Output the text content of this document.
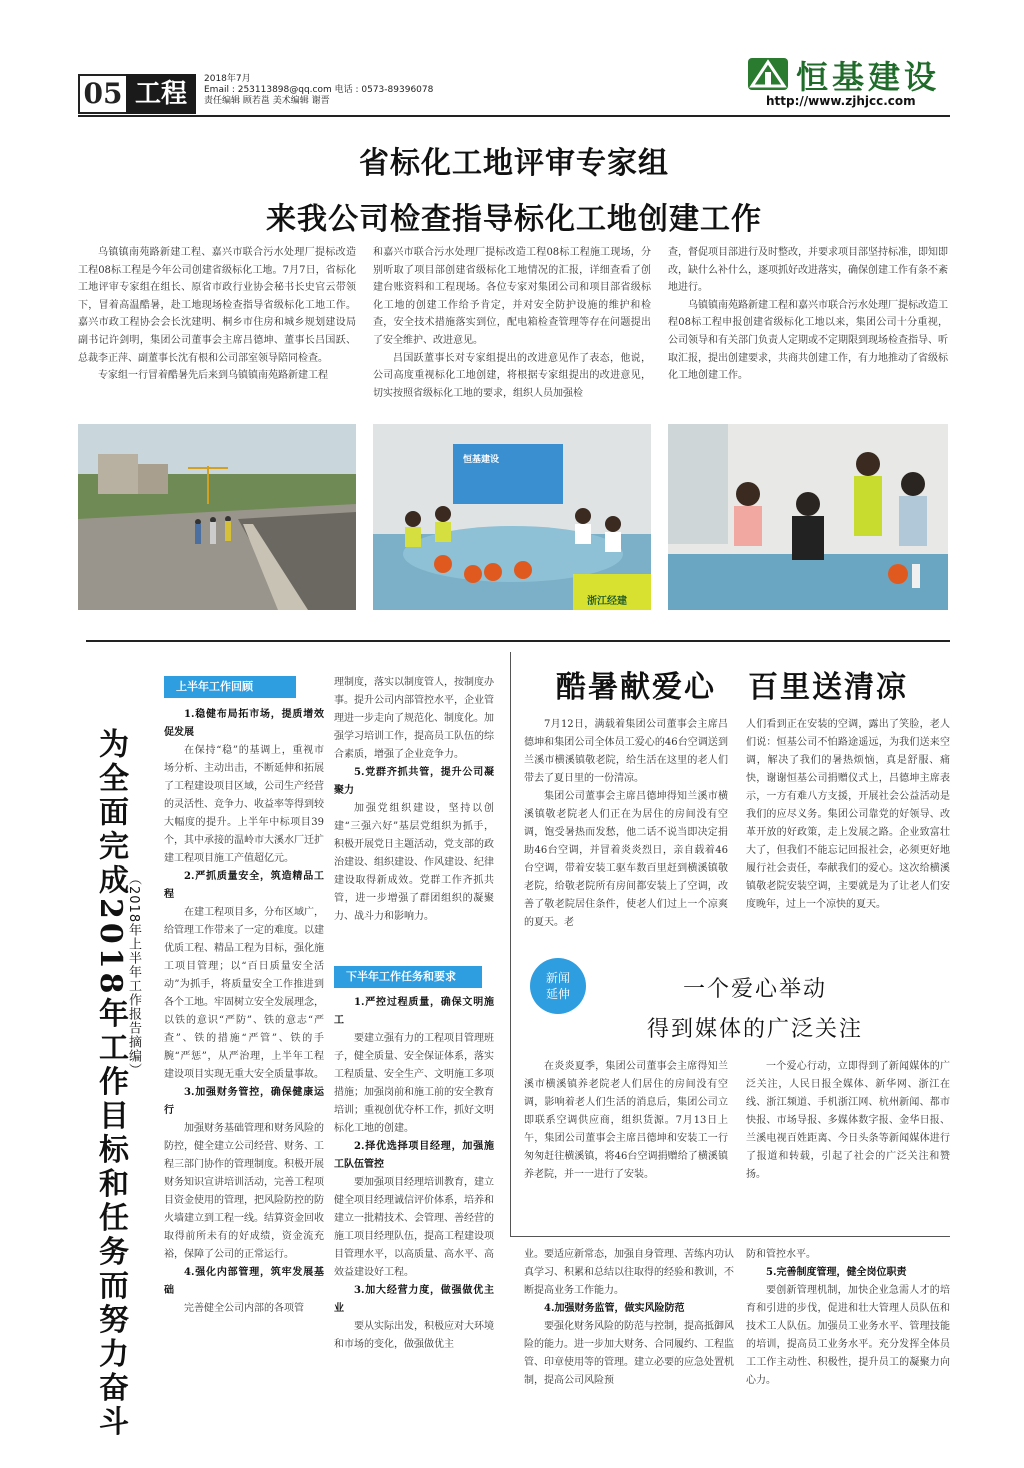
05 工程	2018年7月
Email : 253113898@qq.com 电话 : 0573-89396078
责任编辑 顾若邕 美术编辑 谢晋
恒基建设
http://www.zjhjcc.com
省标化工地评审专家组
来我公司检查指导标化工地创建工作

乌镇镇南苑路新建工程、嘉兴市联合污水处理厂提标改造工程08标工程是今年公司创建省级标化工地。7月7日，省标化工地评审专家组在组长、原省市政行业协会秘书长史官云带领下，冒着高温酷暑，赴工地现场检查指导省级标化工地工作。嘉兴市政工程协会会长沈建明、桐乡市住房和城乡规划建设局副书记许剑明，集团公司董事会主席吕德坤、董事长吕国跃、总裁李正萍、副董事长沈有根和公司部室领导陪同检查。

专家组一行冒着酷暑先后来到乌镇镇南苑路新建工程

和嘉兴市联合污水处理厂提标改造工程08标工程施工现场，分别听取了项目部创建省级标化工地情况的汇报，详细查看了创建台账资料和工程现场。各位专家对集团公司和项目部省级标化工地的创建工作给予肯定，并对安全防护设施的维护和检查，安全技术措施落实到位，配电箱检查管理等存在问题提出了安全维护、改进意见。

吕国跃董事长对专家组提出的改进意见作了表态，他说，公司高度重视标化工地创建，将根据专家组提出的改进意见，切实按照省级标化工地的要求，组织人员加强检

查，督促项目部进行及时整改，并要求项目部坚持标准，即知即改，缺什么补什么，逐项抓好改进落实，确保创建工作有条不紊地进行。

乌镇镇南苑路新建工程和嘉兴市联合污水处理厂提标改造工程08标工程申报创建省级标化工地以来，集团公司十分重视，公司领导和有关部门负责人定期或不定期限到现场检查指导、听取汇报，提出创建要求，共商共创建工作，有力地推动了省级标化工地创建工作。

恒基建设
浙江经建
为全面完成2018年工作目标和任务而努力奋斗
（2018年上半年工作报告摘编）
上半年工作回顾
1.稳健布局拓市场，提质增效促发展

在保持“稳”的基调上，重视市场分析、主动出击，不断延伸和拓展了工程建设项目区域，公司生产经营的灵活性、竞争力、收益率等得到较大幅度的提升。上半年中标项目39个，其中承接的温岭市大溪水厂迁扩建工程项目施工产值超亿元。

2.严抓质量安全，筑造精品工程

在建工程项目多，分布区域广，给管理工作带来了一定的难度。以建优质工程、精品工程为目标，强化施工项目管理；以“百日质量安全活动”为抓手，将质量安全工作推进到各个工地。牢固树立安全发展理念，以铁的意识“严防”、铁的意志“严查”、铁的措施“严管”、铁的手腕“严惩”，从严治理，上半年工程建设项目实现无重大安全质量事故。

3.加强财务管控，确保健康运行

加强财务基础管理和财务风险的防控，健全建立公司经营、财务、工程三部门协作的管理制度。积极开展财务知识宣讲培训活动，完善工程项目资金使用的管理，把风险防控的防火墙建立到工程一线。结算资金回收取得前所未有的好成绩，资金流充裕，保障了公司的正常运行。

4.强化内部管理，筑牢发展基础

完善健全公司内部的各项管

理制度，落实以制度管人，按制度办事。提升公司内部管控水平，企业管理进一步走向了规范化、制度化。加强学习培训工作，提高员工队伍的综合素质，增强了企业竞争力。

5.党群齐抓共管，提升公司凝聚力

加强党组织建设，坚持以创建“三强六好”基层党组织为抓手，积极开展党日主题活动，党支部的政治建设、组织建设、作风建设、纪律建设取得新成效。党群工作齐抓共管，进一步增强了群团组织的凝聚力、战斗力和影响力。

下半年工作任务和要求
1.严控过程质量，确保文明施工

要建立强有力的工程项目管理班子，健全质量、安全保证体系，落实工程质量、安全生产、文明施工多项措施；加强岗前和施工前的安全教育培训；重视创优夺杯工作，抓好文明标化工地的创建。

2.择优选择项目经理，加强施工队伍管控

要加强项目经理培训教育，建立健全项目经理诚信评价体系，培养和建立一批精技术、会管理、善经营的施工项目经理队伍，提高工程建设项目管理水平，以高质量、高水平、高效益建设好工程。

3.加大经营力度，做强做优主业

要从实际出发，积极应对大环境和市场的变化，做强做优主

业。要适应新常态，加强自身管理、苦练内功认真学习、积累和总结以往取得的经验和教训，不断提高业务工作能力。

4.加强财务监管，做实风险防范

要强化财务风险的防范与控制，提高抵御风险的能力。进一步加大财务、合同履约、工程监管、印章使用等的管理。建立必要的应急处置机制，提高公司风险预

防和管控水平。

5.完善制度管理，健全岗位职责

要创新管理机制，加快企业急需人才的培育和引进的步伐，促进和壮大管理人员队伍和技术工人队伍。加强员工业务水平、管理技能的培训，提高员工业务水平。充分发挥全体员工工作主动性、积极性，提升员工的凝聚力向心力。

酷暑献爱心 百里送清凉

7月12日，满载着集团公司董事会主席吕德坤和集团公司全体员工爱心的46台空调送到兰溪市横溪镇敬老院，给生活在这里的老人们带去了夏日里的一份清凉。

集团公司董事会主席吕德坤得知兰溪市横溪镇敬老院老人们正在为居住的房间没有空调，饱受暑热而发愁，他二话不说当即决定捐助46台空调，并冒着炎炎烈日，亲自载着46台空调，带着安装工驱车数百里赶到横溪镇敬老院，给敬老院所有房间都安装上了空调，改善了敬老院居住条件，使老人们过上一个凉爽的夏天。老

人们看到正在安装的空调，露出了笑脸，老人们说：恒基公司不怕路途遥远，为我们送来空调，解决了我们的暑热烦恼，真是舒服、痛快，谢谢恒基公司捐赠仪式上，吕德坤主席表示，一方有难八方支援，开展社会公益活动是我们的应尽义务。集团公司靠党的好领导、改革开放的好政策，走上发展之路。企业致富壮大了，但我们不能忘记回报社会，必须更好地履行社会责任，奉献我们的爱心。这次给横溪镇敬老院安装空调，主要就是为了让老人们安度晚年，过上一个凉快的夏天。

新闻
延伸	一个爱心举动
得到媒体的广泛关注

在炎炎夏季，集团公司董事会主席得知兰溪市横溪镇养老院老人们居住的房间没有空调，影响着老人们生活的消息后，集团公司立即联系空调供应商，组织货源。7月13日上午，集团公司董事会主席吕德坤和安装工一行匆匆赶往横溪镇，将46台空调捐赠给了横溪镇养老院，并一一进行了安装。

一个爱心行动，立即得到了新闻媒体的广泛关注，人民日报全媒体、新华网、浙江在线、浙江频道、手机浙江网、杭州新闻、都市快报、市场导报、多媒体数字报、金华日报、兰溪电视百姓距离、今日头条等新闻媒体进行了报道和转载，引起了社会的广泛关注和赞扬。
